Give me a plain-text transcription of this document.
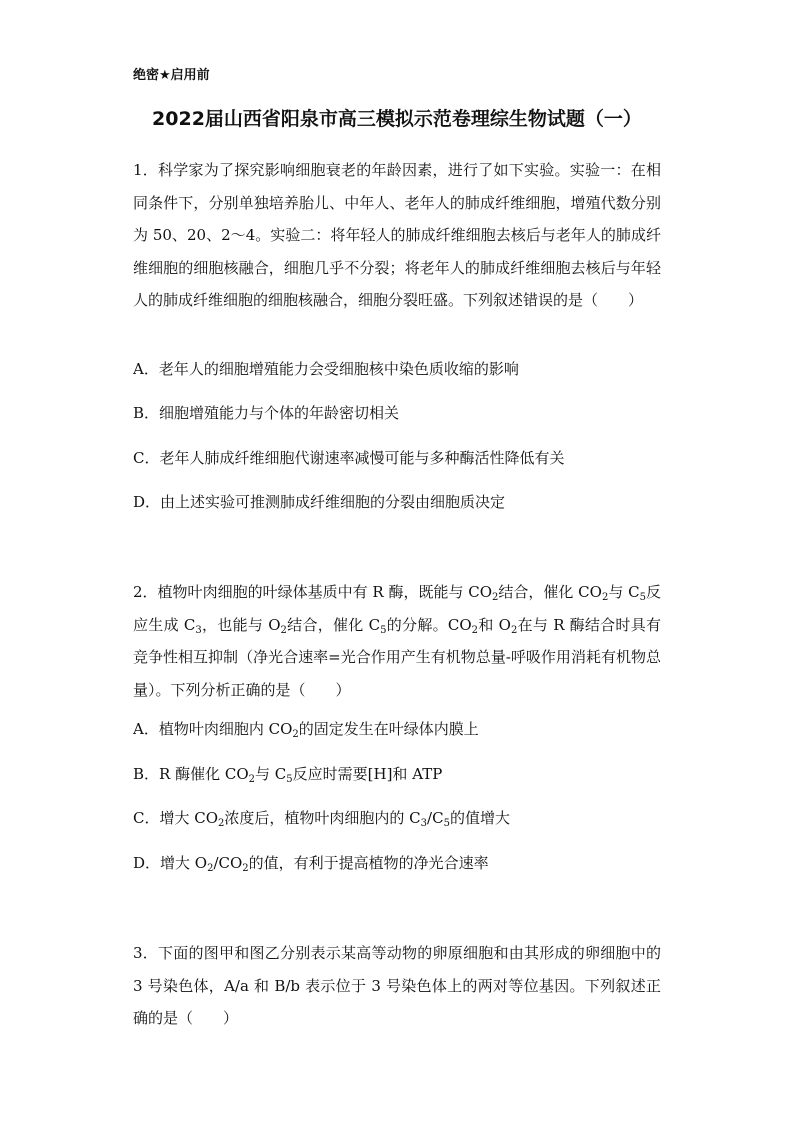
绝密★启用前
2022届山西省阳泉市高三模拟示范卷理综生物试题（一）
1．科学家为了探究影响细胞衰老的年龄因素，进行了如下实验。实验一：在相同条件下，分别单独培养胎儿、中年人、老年人的肺成纤维细胞，增殖代数分别为 50、20、2～4。实验二：将年轻人的肺成纤维细胞去核后与老年人的肺成纤维细胞的细胞核融合，细胞几乎不分裂；将老年人的肺成纤维细胞去核后与年轻人的肺成纤维细胞的细胞核融合，细胞分裂旺盛。下列叙述错误的是（　　）
A．老年人的细胞增殖能力会受细胞核中染色质收缩的影响
B．细胞增殖能力与个体的年龄密切相关
C．老年人肺成纤维细胞代谢速率减慢可能与多种酶活性降低有关
D．由上述实验可推测肺成纤维细胞的分裂由细胞质决定
2．植物叶肉细胞的叶绿体基质中有 R 酶，既能与 $CO_2$结合，催化 $CO_2$与 $C_5$反应生成 $C_3$，也能与 $O_2$结合，催化 $C_5$的分解。$CO_2$和 $O_2$在与 R 酶结合时具有竞争性相互抑制（净光合速率=光合作用产生有机物总量-呼吸作用消耗有机物总量）。下列分析正确的是（　　）
A．植物叶肉细胞内 $CO_2$的固定发生在叶绿体内膜上
B．R 酶催化 $CO_2$与 $C_5$反应时需要[H]和 ATP
C．增大 $CO_2$浓度后，植物叶肉细胞内的 $C_3/C_5$的值增大
D．增大 $O_2/CO_2$的值，有利于提高植物的净光合速率
3．下面的图甲和图乙分别表示某高等动物的卵原细胞和由其形成的卵细胞中的 3 号染色体，A/a 和 B/b 表示位于 3 号染色体上的两对等位基因。下列叙述正确的是（　　）
